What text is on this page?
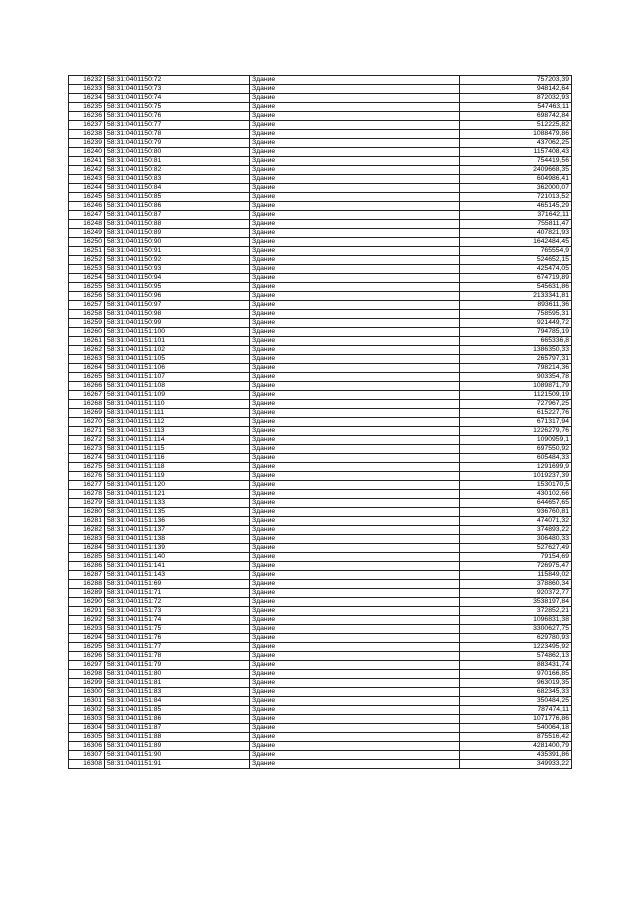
16232	58:31:0401150:72	Здание	757203,39
16233	58:31:0401150:73	Здание	948142,64
16234	58:31:0401150:74	Здание	872032,93
16235	58:31:0401150:75	Здание	547463,11
16236	58:31:0401150:76	Здание	698742,84
16237	58:31:0401150:77	Здание	512225,82
16238	58:31:0401150:78	Здание	1088479,86
16239	58:31:0401150:79	Здание	437062,25
16240	58:31:0401150:80	Здание	1157408,43
16241	58:31:0401150:81	Здание	754419,56
16242	58:31:0401150:82	Здание	2409668,35
16243	58:31:0401150:83	Здание	604986,41
16244	58:31:0401150:84	Здание	362000,07
16245	58:31:0401150:85	Здание	721013,52
16246	58:31:0401150:86	Здание	465145,29
16247	58:31:0401150:87	Здание	371642,11
16248	58:31:0401150:88	Здание	755811,47
16249	58:31:0401150:89	Здание	407821,93
16250	58:31:0401150:90	Здание	1642484,45
16251	58:31:0401150:91	Здание	765554,9
16252	58:31:0401150:92	Здание	524652,15
16253	58:31:0401150:93	Здание	425474,05
16254	58:31:0401150:94	Здание	674719,89
16255	58:31:0401150:95	Здание	545631,86
16256	58:31:0401150:96	Здание	2133341,81
16257	58:31:0401150:97	Здание	893611,36
16258	58:31:0401150:98	Здание	758595,31
16259	58:31:0401150:99	Здание	921449,72
16260	58:31:0401151:100	Здание	794785,19
16261	58:31:0401151:101	Здание	665336,8
16262	58:31:0401151:102	Здание	1386350,33
16263	58:31:0401151:105	Здание	265797,31
16264	58:31:0401151:106	Здание	798214,36
16265	58:31:0401151:107	Здание	903354,78
16266	58:31:0401151:108	Здание	1089871,79
16267	58:31:0401151:109	Здание	1121509,19
16268	58:31:0401151:110	Здание	727967,25
16269	58:31:0401151:111	Здание	615227,76
16270	58:31:0401151:112	Здание	671317,94
16271	58:31:0401151:113	Здание	1226279,76
16272	58:31:0401151:114	Здание	1090959,1
16273	58:31:0401151:115	Здание	697550,92
16274	58:31:0401151:116	Здание	605484,33
16275	58:31:0401151:118	Здание	1291699,9
16276	58:31:0401151:119	Здание	1019237,39
16277	58:31:0401151:120	Здание	1530170,5
16278	58:31:0401151:121	Здание	430102,66
16279	58:31:0401151:133	Здание	644657,65
16280	58:31:0401151:135	Здание	936760,81
16281	58:31:0401151:136	Здание	474071,32
16282	58:31:0401151:137	Здание	374893,22
16283	58:31:0401151:138	Здание	306480,33
16284	58:31:0401151:139	Здание	527627,49
16285	58:31:0401151:140	Здание	79154,69
16286	58:31:0401151:141	Здание	726975,47
16287	58:31:0401151:143	Здание	115849,02
16288	58:31:0401151:69	Здание	378860,34
16289	58:31:0401151:71	Здание	920372,77
16290	58:31:0401151:72	Здание	3538197,84
16291	58:31:0401151:73	Здание	372852,21
16292	58:31:0401151:74	Здание	1096831,38
16293	58:31:0401151:75	Здание	3300627,75
16294	58:31:0401151:76	Здание	629780,93
16295	58:31:0401151:77	Здание	1223495,92
16296	58:31:0401151:78	Здание	574862,13
16297	58:31:0401151:79	Здание	883431,74
16298	58:31:0401151:80	Здание	970166,85
16299	58:31:0401151:81	Здание	963019,35
16300	58:31:0401151:83	Здание	682345,33
16301	58:31:0401151:84	Здание	350484,25
16302	58:31:0401151:85	Здание	787474,11
16303	58:31:0401151:86	Здание	1071776,86
16304	58:31:0401151:87	Здание	540064,18
16305	58:31:0401151:88	Здание	875516,42
16306	58:31:0401151:89	Здание	4281400,79
16307	58:31:0401151:90	Здание	435391,86
16308	58:31:0401151:91	Здание	349933,22
